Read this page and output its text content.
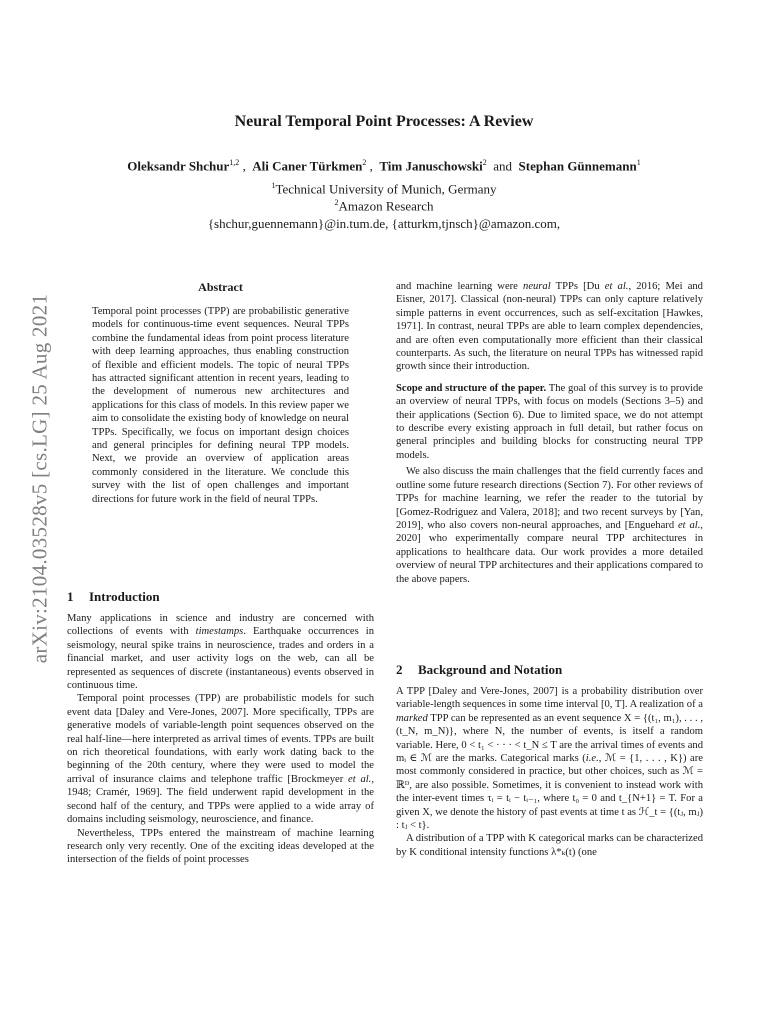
arXiv:2104.03528v5 [cs.LG] 25 Aug 2021
Neural Temporal Point Processes: A Review
Oleksandr Shchur$^{1,2}$ ,  Ali Caner Türkmen$^2$ ,  Tim Januschowski$^2$  and  Stephan Günnemann$^1$
$^1$Technical University of Munich, Germany
$^2$Amazon Research
{shchur,guennemann}@in.tum.de, {atturkm,tjnsch}@amazon.com,
Abstract
Temporal point processes (TPP) are probabilistic generative models for continuous-time event sequences. Neural TPPs combine the fundamental ideas from point process literature with deep learning approaches, thus enabling construction of flexible and efficient models. The topic of neural TPPs has attracted significant attention in recent years, leading to the development of numerous new architectures and applications for this class of models. In this review paper we aim to consolidate the existing body of knowledge on neural TPPs. Specifically, we focus on important design choices and general principles for defining neural TPP models. Next, we provide an overview of application areas commonly considered in the literature. We conclude this survey with the list of open challenges and important directions for future work in the field of neural TPPs.
1 Introduction

Many applications in science and industry are concerned with collections of events with timestamps. Earthquake occurrences in seismology, neural spike trains in neuroscience, trades and orders in a financial market, and user activity logs on the web, can all be represented as sequences of discrete (instantaneous) events observed in continuous time.

Temporal point processes (TPP) are probabilistic models for such event data [Daley and Vere-Jones, 2007]. More specifically, TPPs are generative models of variable-length point sequences observed on the real half-line—here interpreted as arrival times of events. TPPs are built on rich theoretical foundations, with early work dating back to the beginning of the 20th century, where they were used to model the arrival of insurance claims and telephone traffic [Brockmeyer et al., 1948; Cramér, 1969]. The field underwent rapid development in the second half of the century, and TPPs were applied to a wide array of domains including seismology, neuroscience, and finance.

Nevertheless, TPPs entered the mainstream of machine learning research only very recently. One of the exciting ideas developed at the intersection of the fields of point processes

and machine learning were neural TPPs [Du et al., 2016; Mei and Eisner, 2017]. Classical (non-neural) TPPs can only capture relatively simple patterns in event occurrences, such as self-excitation [Hawkes, 1971]. In contrast, neural TPPs are able to learn complex dependencies, and are often even computationally more efficient than their classical counterparts. As such, the literature on neural TPPs has witnessed rapid growth since their introduction.

Scope and structure of the paper. The goal of this survey is to provide an overview of neural TPPs, with focus on models (Sections 3–5) and their applications (Section 6). Due to limited space, we do not attempt to describe every existing approach in full detail, but rather focus on general principles and building blocks for constructing neural TPP models.

We also discuss the main challenges that the field currently faces and outline some future research directions (Section 7). For other reviews of TPPs for machine learning, we refer the reader to the tutorial by [Gomez-Rodriguez and Valera, 2018]; and two recent surveys by [Yan, 2019], who also covers non-neural approaches, and [Enguehard et al., 2020] who experimentally compare neural TPP architectures in applications to healthcare data. Our work provides a more detailed overview of neural TPP architectures and their applications compared to the above papers.

2 Background and Notation

A TPP [Daley and Vere-Jones, 2007] is a probability distribution over variable-length sequences in some time interval [0, T]. A realization of a marked TPP can be represented as an event sequence X = {(t₁, m₁), . . . , (t_N, m_N)}, where N, the number of events, is itself a random variable. Here, 0 < t₁ < · · · < t_N ≤ T are the arrival times of events and mᵢ ∈ ℳ are the marks. Categorical marks (i.e., ℳ = {1, . . . , K}) are most commonly considered in practice, but other choices, such as ℳ = ℝᴰ, are also possible. Sometimes, it is convenient to instead work with the inter-event times τᵢ = tᵢ − tᵢ₋₁, where t₀ = 0 and t_{N+1} = T. For a given X, we denote the history of past events at time t as ℋ_t = {(tⱼ, mⱼ) : tⱼ < t}.

A distribution of a TPP with K categorical marks can be characterized by K conditional intensity functions λ*ₖ(t) (one
